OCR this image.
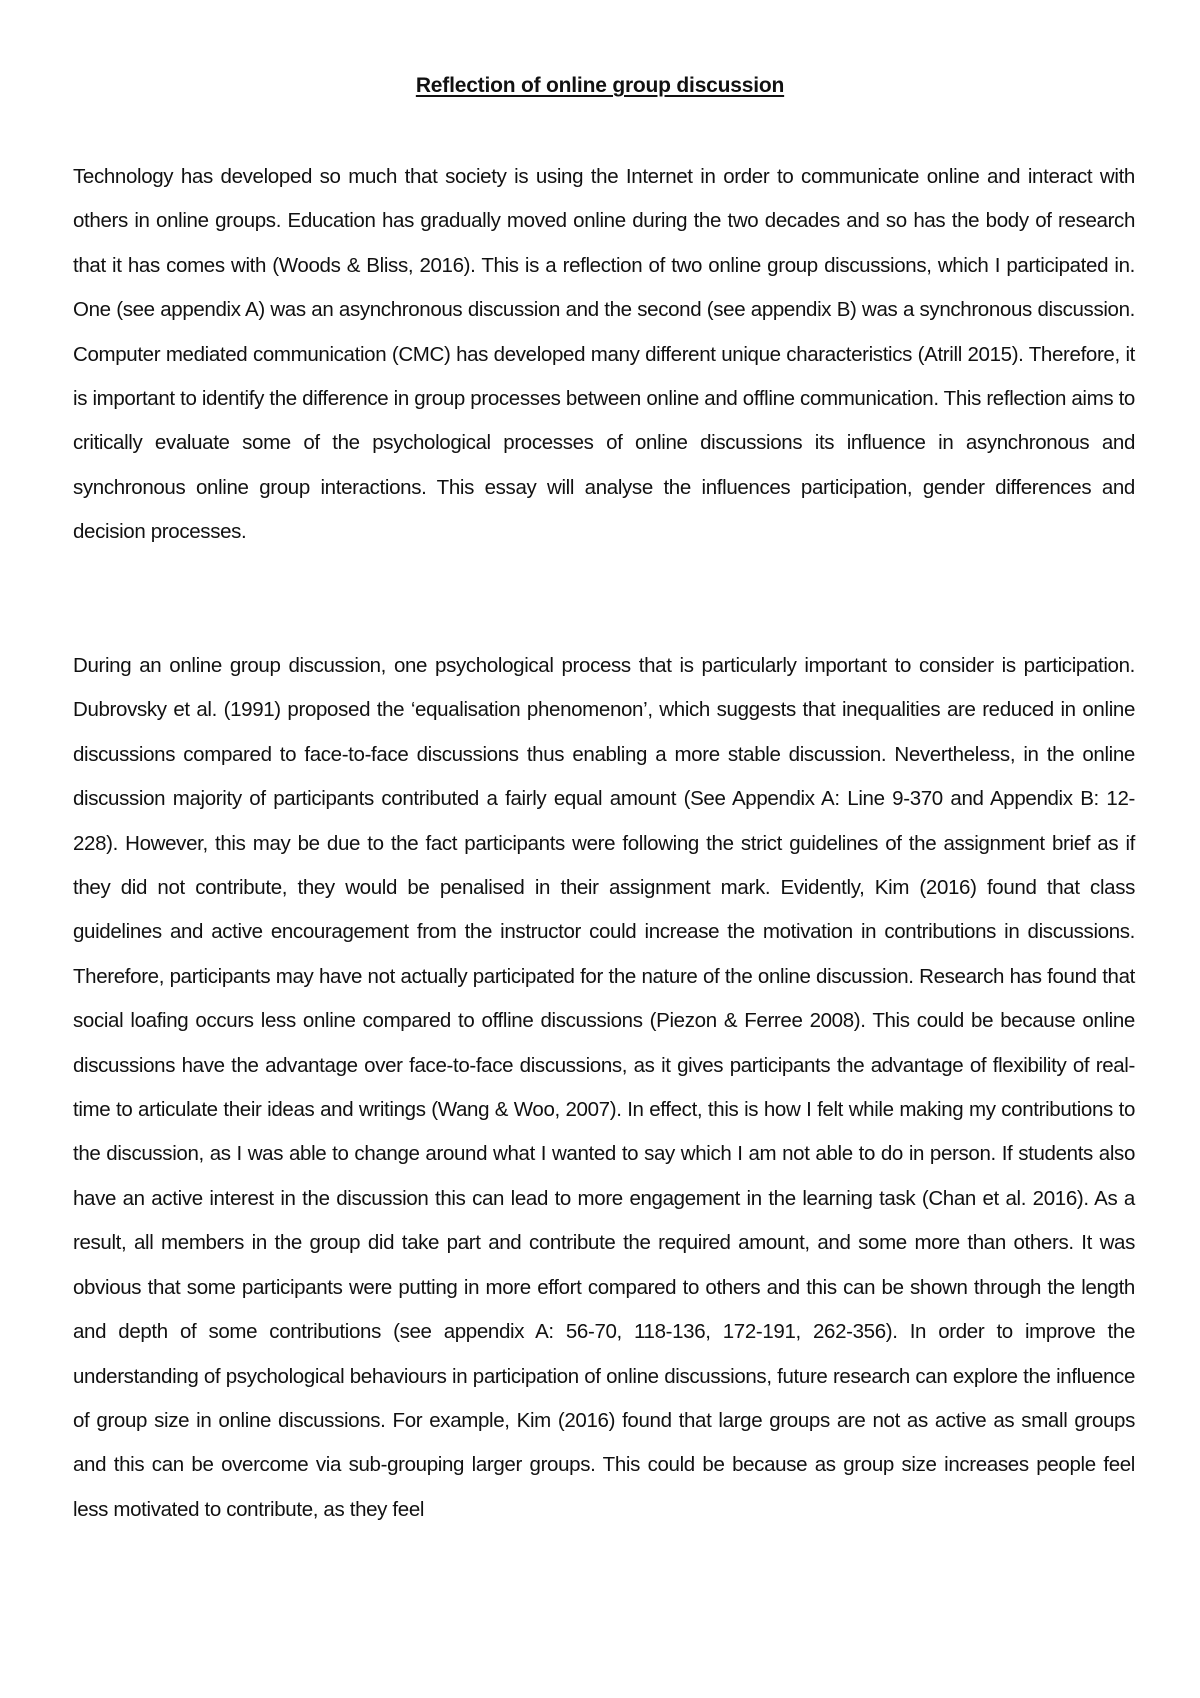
Reflection of online group discussion

Technology has developed so much that society is using the Internet in order to communicate online and interact with others in online groups. Education has gradually moved online during the two decades and so has the body of research that it has comes with (Woods & Bliss, 2016). This is a reflection of two online group discussions, which I participated in. One (see appendix A) was an asynchronous discussion and the second (see appendix B) was a synchronous discussion. Computer mediated communication (CMC) has developed many different unique characteristics (Atrill 2015). Therefore, it is important to identify the difference in group processes between online and offline communication. This reflection aims to critically evaluate some of the psychological processes of online discussions its influence in asynchronous and synchronous online group interactions. This essay will analyse the influences participation, gender differences and decision processes.

During an online group discussion, one psychological process that is particularly important to consider is participation. Dubrovsky et al. (1991) proposed the ‘equalisation phenomenon’, which suggests that inequalities are reduced in online discussions compared to face-to-face discussions thus enabling a more stable discussion. Nevertheless, in the online discussion majority of participants contributed a fairly equal amount (See Appendix A: Line 9-370 and Appendix B: 12-228). However, this may be due to the fact participants were following the strict guidelines of the assignment brief as if they did not contribute, they would be penalised in their assignment mark. Evidently, Kim (2016) found that class guidelines and active encouragement from the instructor could increase the motivation in contributions in discussions. Therefore, participants may have not actually participated for the nature of the online discussion. Research has found that social loafing occurs less online compared to offline discussions (Piezon & Ferree 2008). This could be because online discussions have the advantage over face-to-face discussions, as it gives participants the advantage of flexibility of real-time to articulate their ideas and writings (Wang & Woo, 2007). In effect, this is how I felt while making my contributions to the discussion, as I was able to change around what I wanted to say which I am not able to do in person. If students also have an active interest in the discussion this can lead to more engagement in the learning task (Chan et al. 2016). As a result, all members in the group did take part and contribute the required amount, and some more than others. It was obvious that some participants were putting in more effort compared to others and this can be shown through the length and depth of some contributions (see appendix A: 56-70, 118-136, 172-191, 262-356). In order to improve the understanding of psychological behaviours in participation of online discussions, future research can explore the influence of group size in online discussions. For example, Kim (2016) found that large groups are not as active as small groups and this can be overcome via sub-grouping larger groups. This could be because as group size increases people feel less motivated to contribute, as they feel
